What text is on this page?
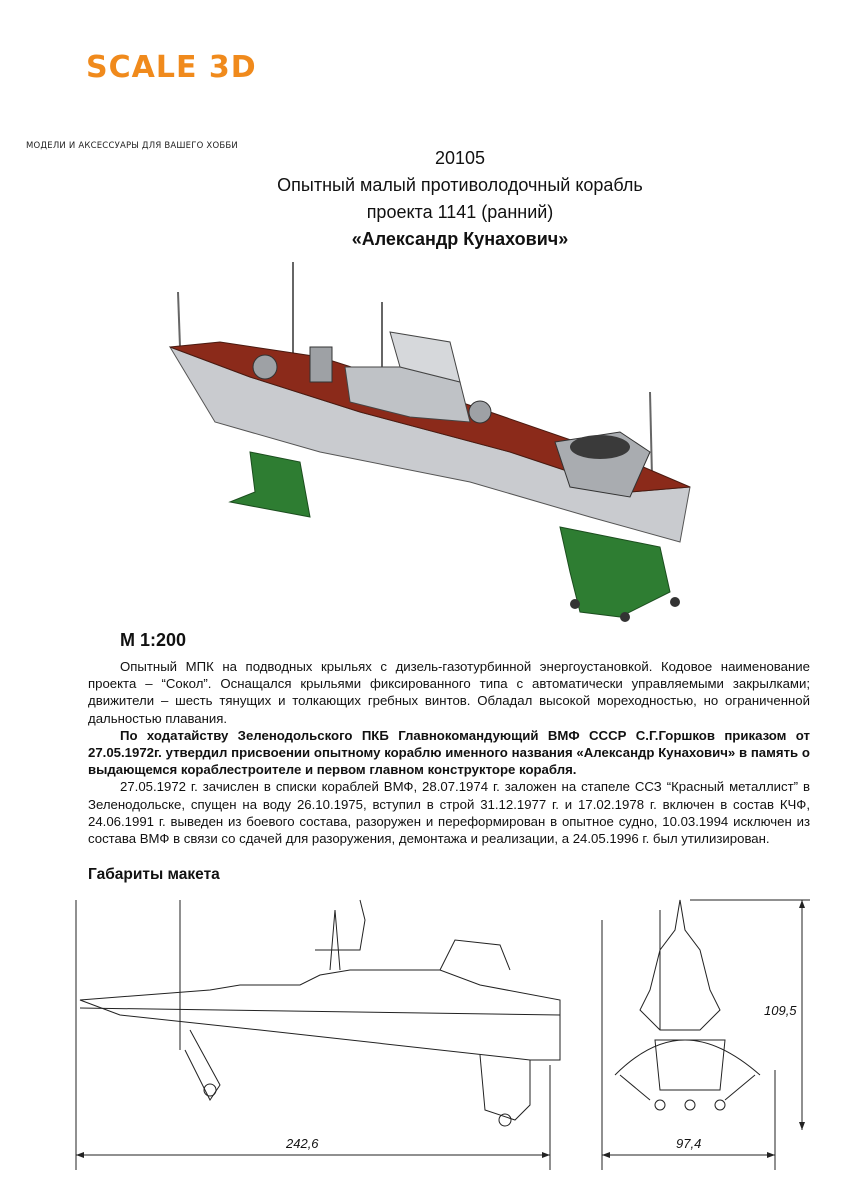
SCALE 3D
МОДЕЛИ И АКСЕССУАРЫ ДЛЯ ВАШЕГО ХОББИ
20105
Опытный малый противолодочный корабль
проекта 1141 (ранний)
«Александр Кунахович»
М 1:200

Опытный МПК на подводных крыльях с дизель-газотурбинной энергоустановкой. Кодовое наименование проекта – “Сокол”. Оснащался крыльями фиксированного типа с автоматически управляемыми закрылками; движители – шесть тянущих и толкающих гребных винтов. Обладал высокой мореходностью, но ограниченной дальностью плавания.

По ходатайству Зеленодольского ПКБ Главнокомандующий ВМФ СССР С.Г.Горшков приказом от 27.05.1972г. утвердил присвоении опытному кораблю именного названия «Александр Кунахович» в память о выдающемся кораблестроителе и первом главном конструкторе корабля.

27.05.1972 г. зачислен в списки кораблей ВМФ, 28.07.1974 г. заложен на стапеле ССЗ “Красный металлист” в Зеленодольске, спущен на воду 26.10.1975, вступил в строй 31.12.1977 г. и 17.02.1978 г. включен в состав КЧФ, 24.06.1991 г. выведен из боевого состава, разоружен и переформирован в опытное судно, 10.03.1994 исключен из состава ВМФ в связи со сдачей для разоружения, демонтажа и реализации, а 24.05.1996 г. был утилизирован.

Габариты макета
242,6	97,4
109,5
